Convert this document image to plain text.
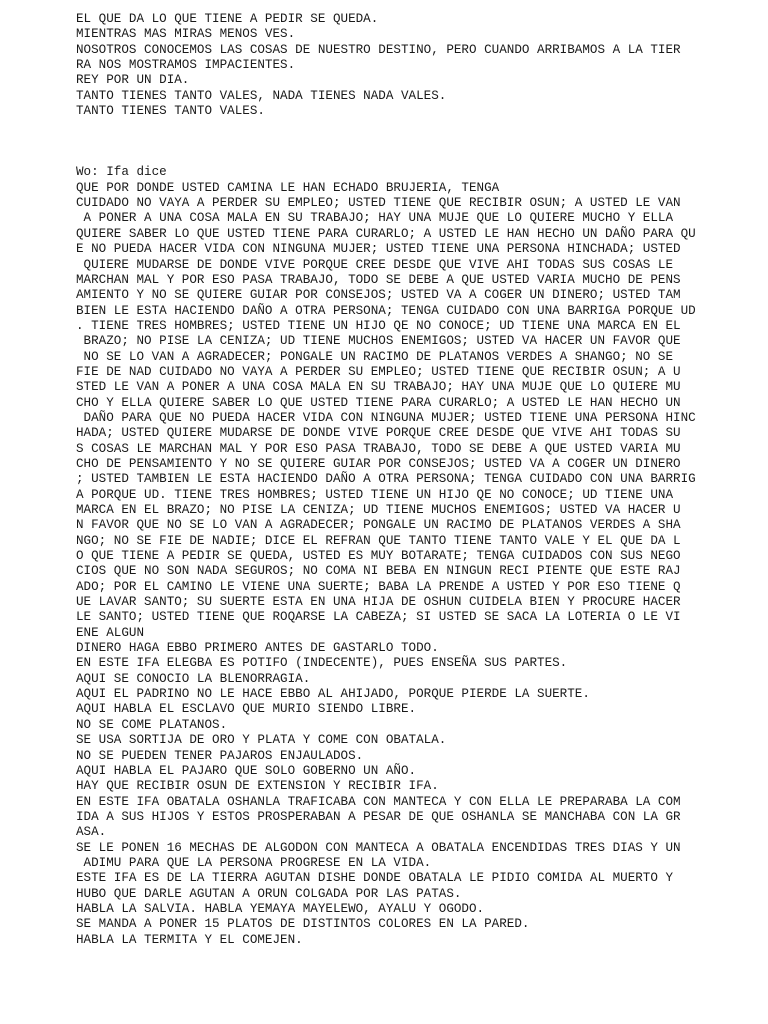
EL QUE DA LO QUE TIENE A PEDIR SE QUEDA.
MIENTRAS MAS MIRAS MENOS VES.
NOSOTROS CONOCEMOS LAS COSAS DE NUESTRO DESTINO, PERO CUANDO ARRIBAMOS A LA TIER
RA NOS MOSTRAMOS IMPACIENTES.
REY POR UN DIA.
TANTO TIENES TANTO VALES, NADA TIENES NADA VALES.
TANTO TIENES TANTO VALES.
Wo: Ifa dice
QUE POR DONDE USTED CAMINA LE HAN ECHADO BRUJERIA, TENGA
CUIDADO NO VAYA A PERDER SU EMPLEO; USTED TIENE QUE RECIBIR OSUN; A USTED LE VAN
A PONER A UNA COSA MALA EN SU TRABAJO; HAY UNA MUJE QUE LO QUIERE MUCHO Y ELLA
QUIERE SABER LO QUE USTED TIENE PARA CURARLO; A USTED LE HAN HECHO UN DAÑO PARA QU
E NO PUEDA HACER VIDA CON NINGUNA MUJER; USTED TIENE UNA PERSONA HINCHADA; USTED
QUIERE MUDARSE DE DONDE VIVE PORQUE CREE DESDE QUE VIVE AHI TODAS SUS COSAS LE
MARCHAN MAL Y POR ESO PASA TRABAJO, TODO SE DEBE A QUE USTED VARIA MUCHO DE PENS
AMIENTO Y NO SE QUIERE GUIAR POR CONSEJOS; USTED VA A COGER UN DINERO; USTED TAM
BIEN LE ESTA HACIENDO DAÑO A OTRA PERSONA; TENGA CUIDADO CON UNA BARRIGA PORQUE UD
. TIENE TRES HOMBRES; USTED TIENE UN HIJO QE NO CONOCE; UD TIENE UNA MARCA EN EL
BRAZO; NO PISE LA CENIZA; UD TIENE MUCHOS ENEMIGOS; USTED VA HACER UN FAVOR QUE
NO SE LO VAN A AGRADECER; PONGALE UN RACIMO DE PLATANOS VERDES A SHANGO; NO SE
FIE DE NAD CUIDADO NO VAYA A PERDER SU EMPLEO; USTED TIENE QUE RECIBIR OSUN; A U
STED LE VAN A PONER A UNA COSA MALA EN SU TRABAJO; HAY UNA MUJE QUE LO QUIERE MU
CHO Y ELLA QUIERE SABER LO QUE USTED TIENE PARA CURARLO; A USTED LE HAN HECHO UN
DAÑO PARA QUE NO PUEDA HACER VIDA CON NINGUNA MUJER; USTED TIENE UNA PERSONA HINC
HADA; USTED QUIERE MUDARSE DE DONDE VIVE PORQUE CREE DESDE QUE VIVE AHI TODAS SU
S COSAS LE MARCHAN MAL Y POR ESO PASA TRABAJO, TODO SE DEBE A QUE USTED VARIA MU
CHO DE PENSAMIENTO Y NO SE QUIERE GUIAR POR CONSEJOS; USTED VA A COGER UN DINERO
; USTED TAMBIEN LE ESTA HACIENDO DAÑO A OTRA PERSONA; TENGA CUIDADO CON UNA BARRIG
A PORQUE UD. TIENE TRES HOMBRES; USTED TIENE UN HIJO QE NO CONOCE; UD TIENE UNA
MARCA EN EL BRAZO; NO PISE LA CENIZA; UD TIENE MUCHOS ENEMIGOS; USTED VA HACER U
N FAVOR QUE NO SE LO VAN A AGRADECER; PONGALE UN RACIMO DE PLATANOS VERDES A SHA
NGO; NO SE FIE DE NADIE; DICE EL REFRAN QUE TANTO TIENE TANTO VALE Y EL QUE DA L
O QUE TIENE A PEDIR SE QUEDA, USTED ES MUY BOTARATE; TENGA CUIDADOS CON SUS NEGO
CIOS QUE NO SON NADA SEGUROS; NO COMA NI BEBA EN NINGUN RECI PIENTE QUE ESTE RAJ
ADO; POR EL CAMINO LE VIENE UNA SUERTE; BABA LA PRENDE A USTED Y POR ESO TIENE Q
UE LAVAR SANTO; SU SUERTE ESTA EN UNA HIJA DE OSHUN CUIDELA BIEN Y PROCURE HACER
LE SANTO; USTED TIENE QUE ROQARSE LA CABEZA; SI USTED SE SACA LA LOTERIA O LE VI
ENE ALGUN
DINERO HAGA EBBO PRIMERO ANTES DE GASTARLO TODO.
EN ESTE IFA ELEGBA ES POTIFO (INDECENTE), PUES ENSEÑA SUS PARTES.
AQUI SE CONOCIO LA BLENORRAGIA.
AQUI EL PADRINO NO LE HACE EBBO AL AHIJADO, PORQUE PIERDE LA SUERTE.
AQUI HABLA EL ESCLAVO QUE MURIO SIENDO LIBRE.
NO SE COME PLATANOS.
SE USA SORTIJA DE ORO Y PLATA Y COME CON OBATALA.
NO SE PUEDEN TENER PAJAROS ENJAULADOS.
AQUI HABLA EL PAJARO QUE SOLO GOBERNO UN AÑO.
HAY QUE RECIBIR OSUN DE EXTENSION Y RECIBIR IFA.
EN ESTE IFA OBATALA OSHANLA TRAFICABA CON MANTECA Y CON ELLA LE PREPARABA LA COM
IDA A SUS HIJOS Y ESTOS PROSPERABAN A PESAR DE QUE OSHANLA SE MANCHABA CON LA GR
ASA.
SE LE PONEN 16 MECHAS DE ALGODON CON MANTECA A OBATALA ENCENDIDAS TRES DIAS Y UN
ADIMU PARA QUE LA PERSONA PROGRESE EN LA VIDA.
ESTE IFA ES DE LA TIERRA AGUTAN DISHE DONDE OBATALA LE PIDIO COMIDA AL MUERTO Y
HUBO QUE DARLE AGUTAN A ORUN COLGADA POR LAS PATAS.
HABLA LA SALVIA. HABLA YEMAYA MAYELEWO, AYALU Y OGODO.
SE MANDA A PONER 15 PLATOS DE DISTINTOS COLORES EN LA PARED.
HABLA LA TERMITA Y EL COMEJEN.
